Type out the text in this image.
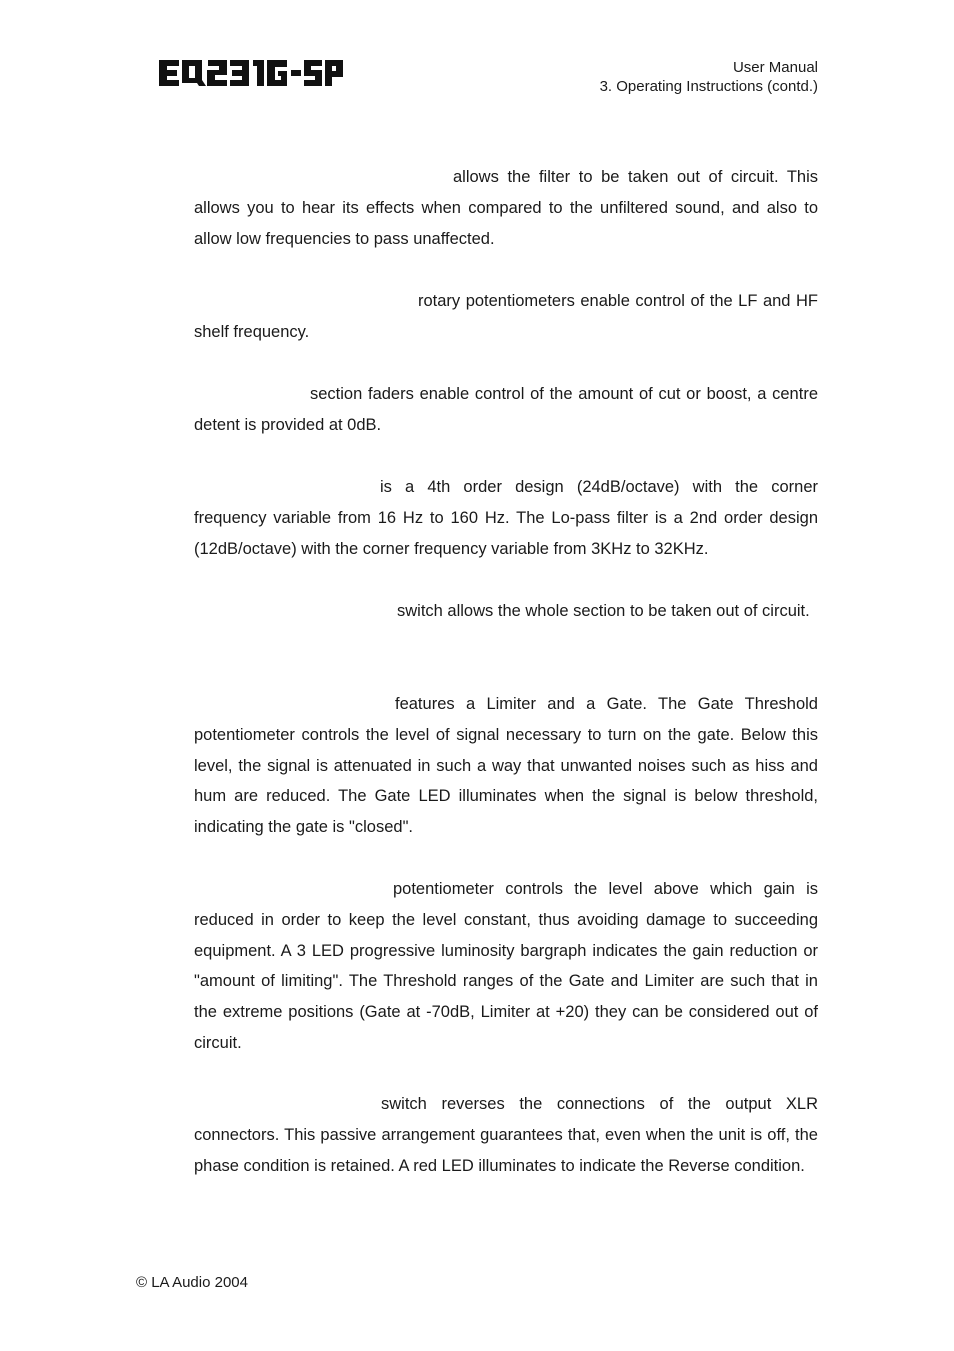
User Manual
3. Operating Instructions (contd.)

allows the filter to be taken out of circuit. This allows you to hear its effects when compared to the unfiltered sound, and also to allow low frequencies to pass unaffected.

rotary potentiometers enable control of the LF and HF shelf frequency.

section faders enable control of the amount of cut or boost, a centre detent is provided at 0dB.

is a 4th order design (24dB/octave) with the corner frequency variable from 16 Hz to 160 Hz. The Lo-pass filter is a 2nd order design (12dB/octave) with the corner frequency variable from 3KHz to 32KHz.

switch allows the whole section to be taken out of circuit.

features a Limiter and a Gate. The Gate Threshold potentiometer controls the level of signal necessary to turn on the gate. Below this level, the signal is attenuated in such a way that unwanted noises such as hiss and hum are reduced. The Gate LED illuminates when the signal is below threshold, indicating the gate is "closed".

potentiometer controls the level above which gain is reduced in order to keep the level constant, thus avoiding damage to succeeding equipment. A 3 LED progressive luminosity bargraph indicates the gain reduction or "amount of limiting". The Threshold ranges of the Gate and Limiter are such that in the extreme positions (Gate at -70dB, Limiter at +20) they can be considered out of circuit.

switch reverses the connections of the output XLR connectors. This passive arrangement guarantees that, even when the unit is off, the phase condition is retained. A red LED illuminates to indicate the Reverse condition.

© LA Audio 2004
